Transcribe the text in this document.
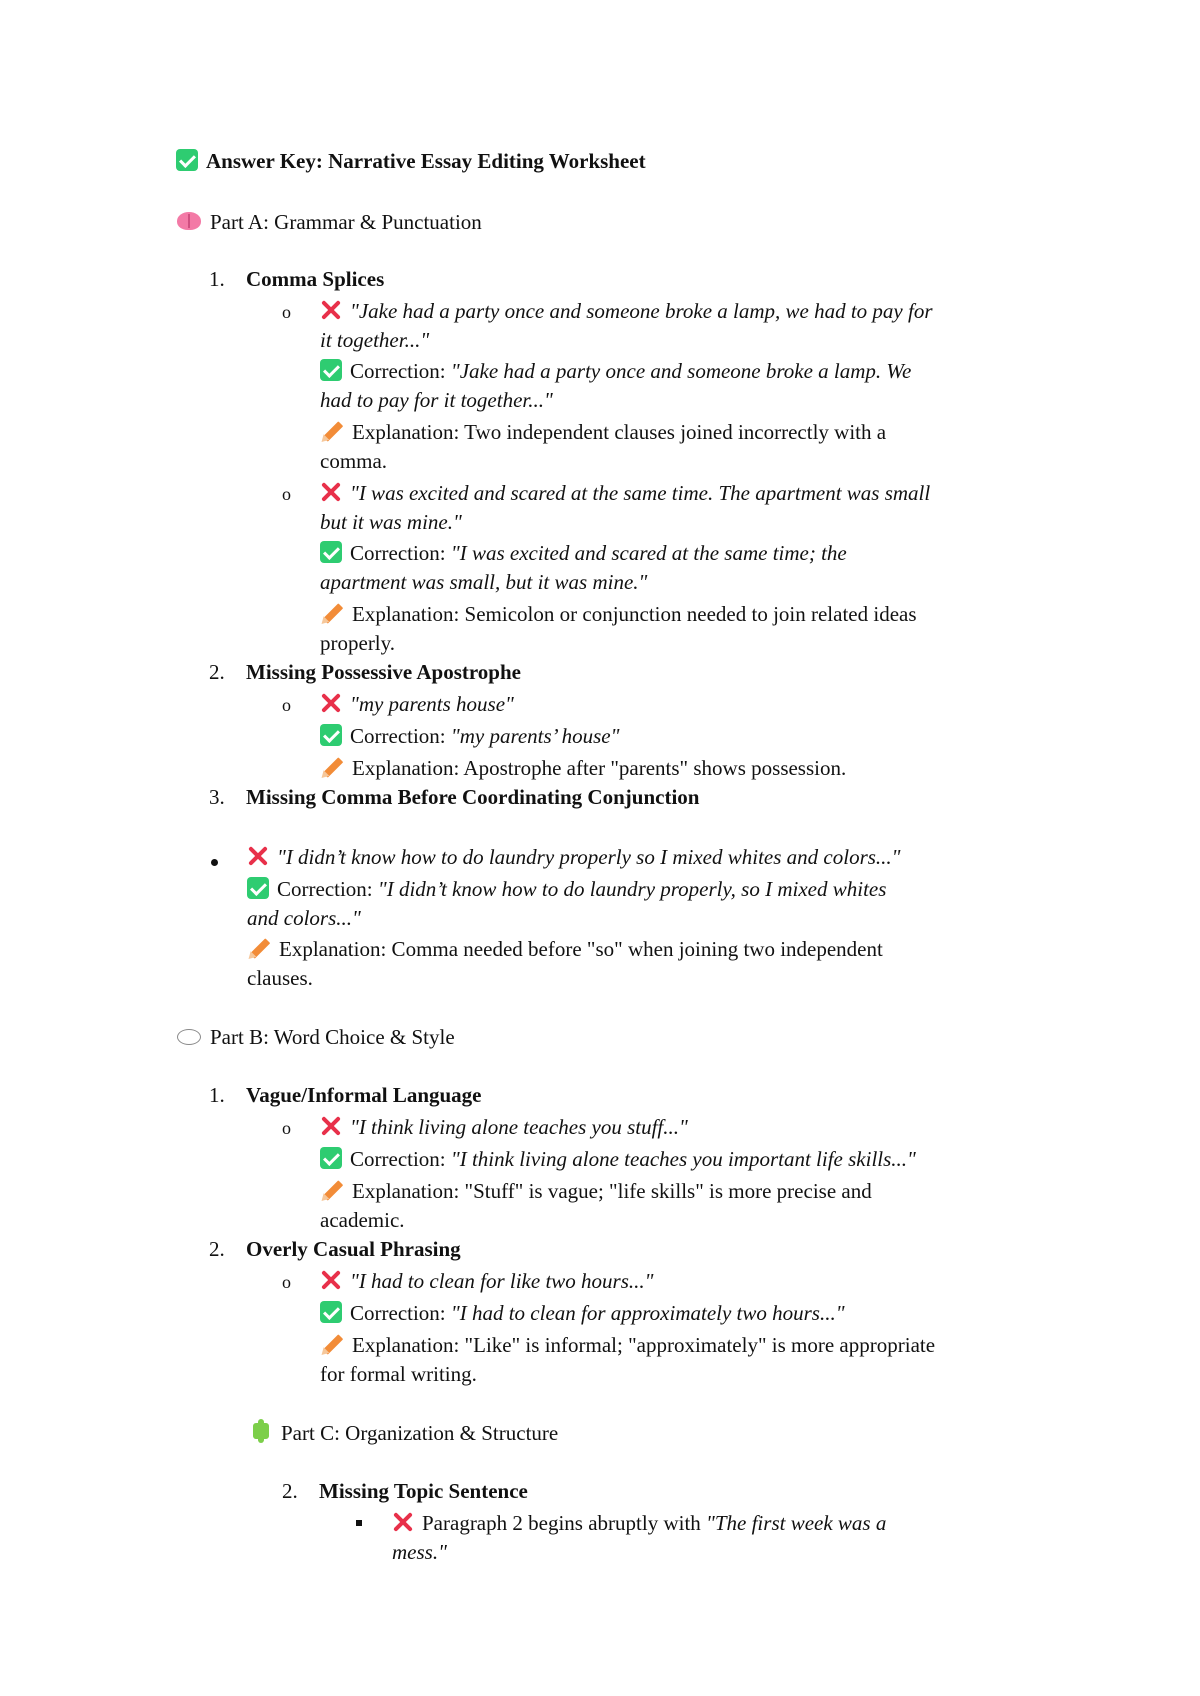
Answer Key: Narrative Essay Editing Worksheet
Part A: Grammar & Punctuation
1. Comma Splices
o	"Jake had a party once and someone broke a lamp, we had to pay for
it together..."
Correction: "Jake had a party once and someone broke a lamp. We
had to pay for it together..."
Explanation: Two independent clauses joined incorrectly with a
comma.
o	"I was excited and scared at the same time. The apartment was small
but it was mine."
Correction: "I was excited and scared at the same time; the
apartment was small, but it was mine."
Explanation: Semicolon or conjunction needed to join related ideas
properly.
2. Missing Possessive Apostrophe
o	"my parents house"
Correction: "my parents’ house"
Explanation: Apostrophe after "parents" shows possession.
3. Missing Comma Before Coordinating Conjunction
"I didn’t know how to do laundry properly so I mixed whites and colors..."
Correction: "I didn’t know how to do laundry properly, so I mixed whites
and colors..."
Explanation: Comma needed before "so" when joining two independent
clauses.
Part B: Word Choice & Style
1. Vague/Informal Language
o	"I think living alone teaches you stuff..."
Correction: "I think living alone teaches you important life skills..."
Explanation: "Stuff" is vague; "life skills" is more precise and
academic.
2. Overly Casual Phrasing
o	"I had to clean for like two hours..."
Correction: "I had to clean for approximately two hours..."
Explanation: "Like" is informal; "approximately" is more appropriate
for formal writing.
Part C: Organization & Structure
2. Missing Topic Sentence
Paragraph 2 begins abruptly with "The first week was a
mess."
